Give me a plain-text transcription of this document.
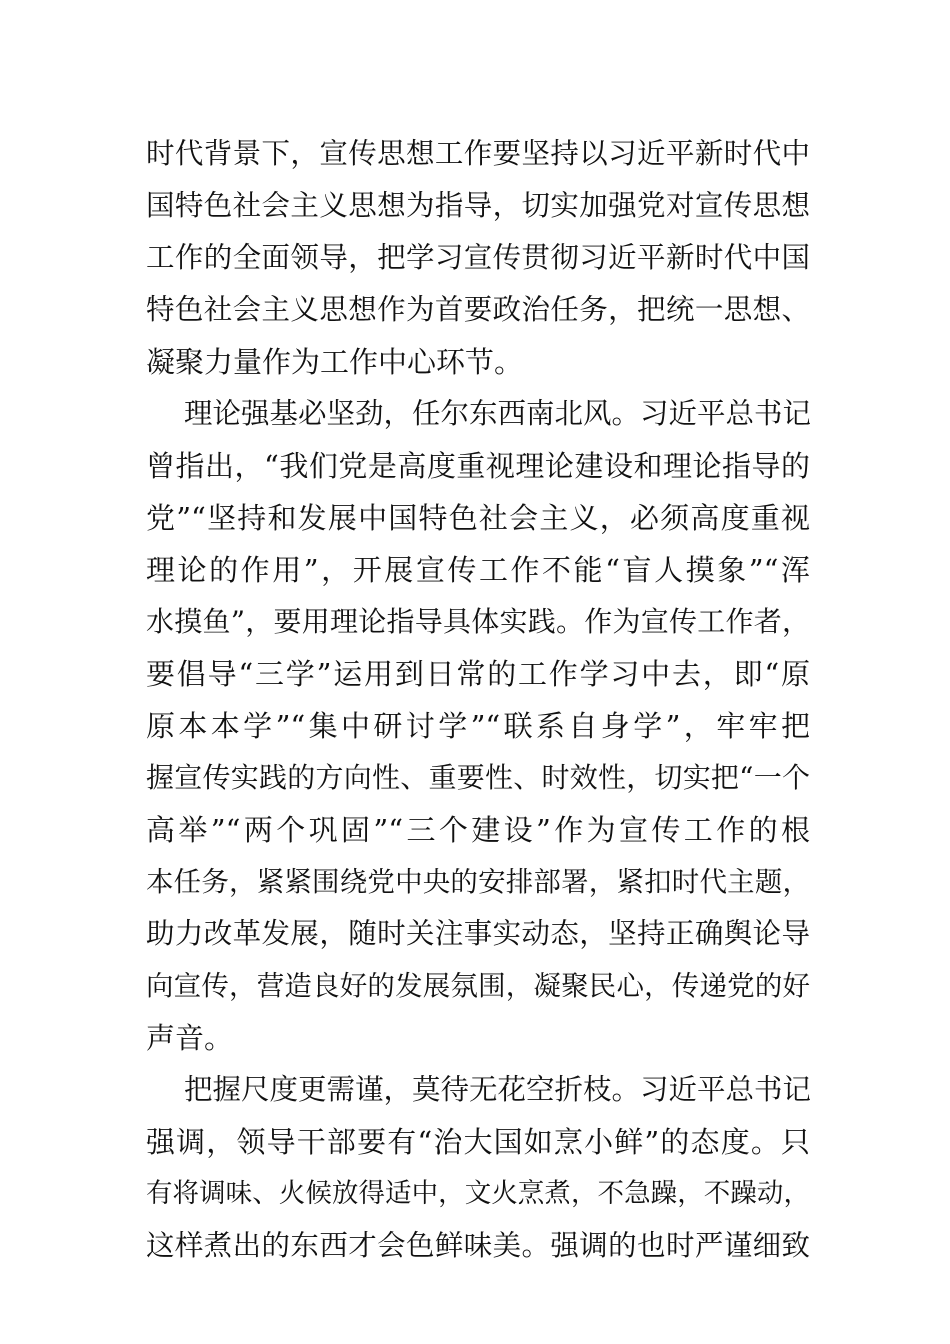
时代背景下，宣传思想工作要坚持以习近平新时代中
国特色社会主义思想为指导，切实加强党对宣传思想
工作的全面领导，把学习宣传贯彻习近平新时代中国
特色社会主义思想作为首要政治任务，把统一思想、
凝聚力量作为工作中心环节。
理论强基必坚劲，任尔东西南北风。习近平总书记
曾指出，“我们党是高度重视理论建设和理论指导的
党”“坚持和发展中国特色社会主义，必须高度重视
理论的作用”，开展宣传工作不能“盲人摸象”“浑
水摸鱼”，要用理论指导具体实践。作为宣传工作者，
要倡导“三学”运用到日常的工作学习中去，即“原
原本本学”“集中研讨学”“联系自身学”，牢牢把
握宣传实践的方向性、重要性、时效性，切实把“一个
高举”“两个巩固”“三个建设”作为宣传工作的根
本任务，紧紧围绕党中央的安排部署，紧扣时代主题，
助力改革发展，随时关注事实动态，坚持正确舆论导
向宣传，营造良好的发展氛围，凝聚民心，传递党的好
声音。
把握尺度更需谨，莫待无花空折枝。习近平总书记
强调，领导干部要有“治大国如烹小鲜”的态度。只
有将调味、火候放得适中，文火烹煮，不急躁，不躁动，
这样煮出的东西才会色鲜味美。强调的也时严谨细致
